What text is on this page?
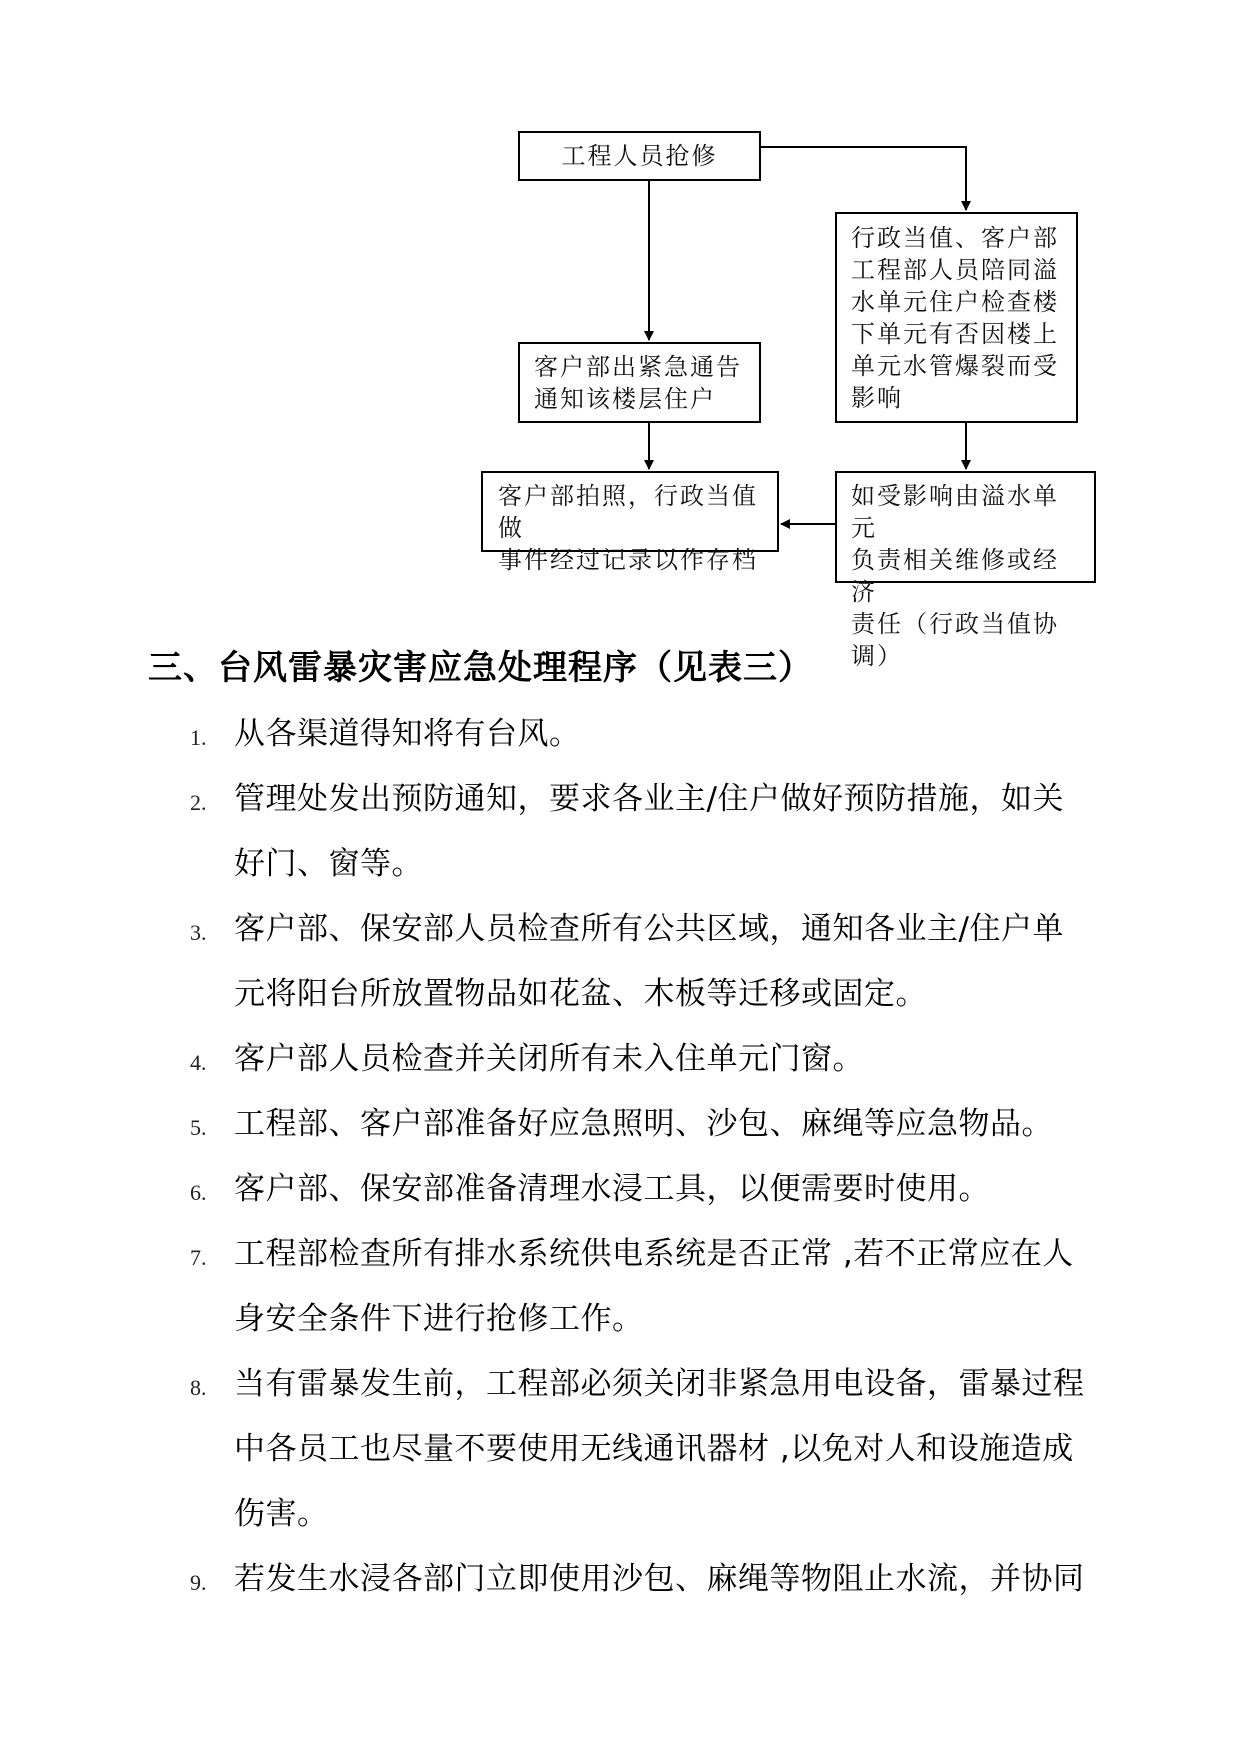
工程人员抢修
行政当值、客户部
工程部人员陪同溢
水单元住户检查楼
下单元有否因楼上
单元水管爆裂而受
影响
客户部出紧急通告
通知该楼层住户
客户部拍照，行政当值做
事件经过记录以作存档
如受影响由溢水单元
负责相关维修或经济
责任（行政当值协调）
三、台风雷暴灾害应急处理程序（见表三）
1. 从各渠道得知将有台风。
2. 管理处发出预防通知，要求各业主/住户做好预防措施，如关
好门、窗等。
3. 客户部、保安部人员检查所有公共区域，通知各业主/住户单
元将阳台所放置物品如花盆、木板等迁移或固定。
4. 客户部人员检查并关闭所有未入住单元门窗。
5. 工程部、客户部准备好应急照明、沙包、麻绳等应急物品。
6. 客户部、保安部准备清理水浸工具，以便需要时使用。
7. 工程部检查所有排水系统供电系统是否正常 ,若不正常应在人
身安全条件下进行抢修工作。
8. 当有雷暴发生前，工程部必须关闭非紧急用电设备，雷暴过程
中各员工也尽量不要使用无线通讯器材 ,以免对人和设施造成
伤害。
9. 若发生水浸各部门立即使用沙包、麻绳等物阻止水流，并协同
